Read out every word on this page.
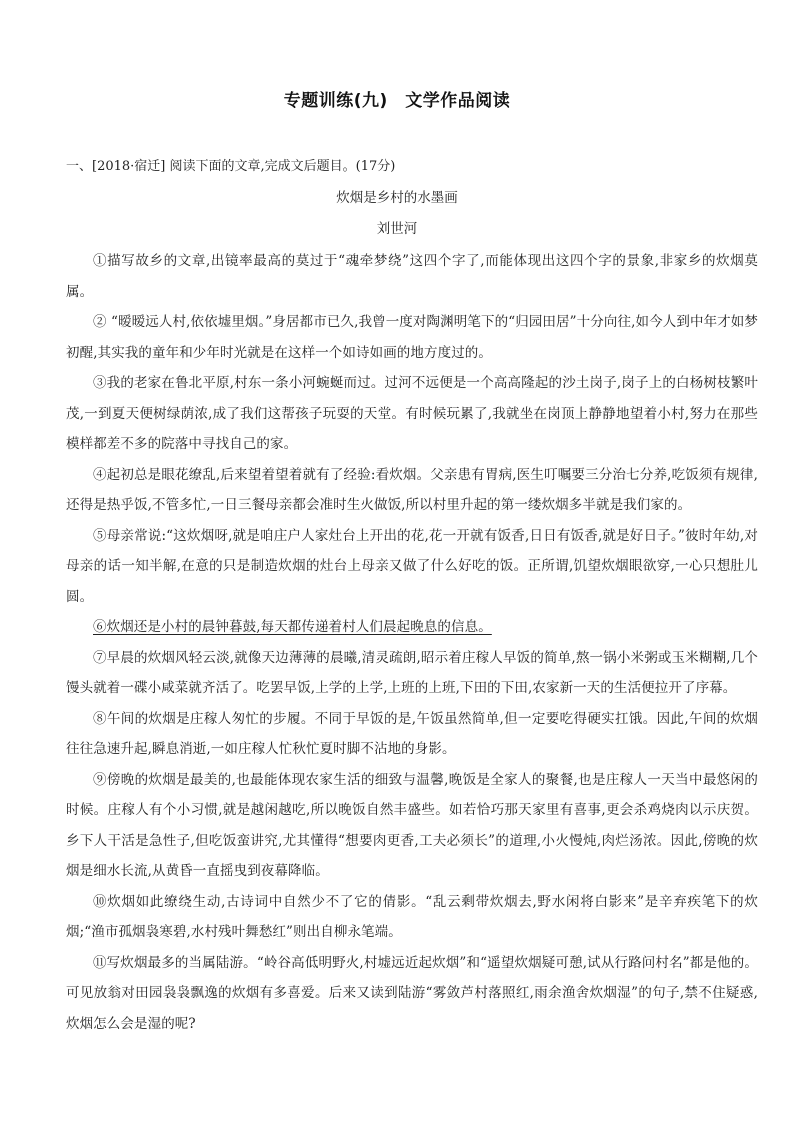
专题训练(九)　文学作品阅读
一、[2018·宿迁] 阅读下面的文章,完成文后题目。(17分)
炊烟是乡村的水墨画
刘世河

①描写故乡的文章,出镜率最高的莫过于“魂牵梦绕”这四个字了,而能体现出这四个字的景象,非家乡的炊烟莫属。

② “暧暧远人村,依依墟里烟。”身居都市已久,我曾一度对陶渊明笔下的“归园田居”十分向往,如今人到中年才如梦初醒,其实我的童年和少年时光就是在这样一个如诗如画的地方度过的。

③我的老家在鲁北平原,村东一条小河蜿蜒而过。过河不远便是一个高高隆起的沙土岗子,岗子上的白杨树枝繁叶茂,一到夏天便树绿荫浓,成了我们这帮孩子玩耍的天堂。有时候玩累了,我就坐在岗顶上静静地望着小村,努力在那些模样都差不多的院落中寻找自己的家。

④起初总是眼花缭乱,后来望着望着就有了经验:看炊烟。父亲患有胃病,医生叮嘱要三分治七分养,吃饭须有规律,还得是热乎饭,不管多忙,一日三餐母亲都会准时生火做饭,所以村里升起的第一缕炊烟多半就是我们家的。

⑤母亲常说:“这炊烟呀,就是咱庄户人家灶台上开出的花,花一开就有饭香,日日有饭香,就是好日子。”彼时年幼,对母亲的话一知半解,在意的只是制造炊烟的灶台上母亲又做了什么好吃的饭。正所谓,饥望炊烟眼欲穿,一心只想肚儿圆。

⑥炊烟还是小村的晨钟暮鼓,每天都传递着村人们晨起晚息的信息。

⑦早晨的炊烟风轻云淡,就像天边薄薄的晨曦,清灵疏朗,昭示着庄稼人早饭的简单,熬一锅小米粥或玉米糊糊,几个馒头就着一碟小咸菜就齐活了。吃罢早饭,上学的上学,上班的上班,下田的下田,农家新一天的生活便拉开了序幕。

⑧午间的炊烟是庄稼人匆忙的步履。不同于早饭的是,午饭虽然简单,但一定要吃得硬实扛饿。因此,午间的炊烟往往急速升起,瞬息消逝,一如庄稼人忙秋忙夏时脚不沾地的身影。

⑨傍晚的炊烟是最美的,也最能体现农家生活的细致与温馨,晚饭是全家人的聚餐,也是庄稼人一天当中最悠闲的时候。庄稼人有个小习惯,就是越闲越吃,所以晚饭自然丰盛些。如若恰巧那天家里有喜事,更会杀鸡烧肉以示庆贺。乡下人干活是急性子,但吃饭蛮讲究,尤其懂得“想要肉更香,工夫必须长”的道理,小火慢炖,肉烂汤浓。因此,傍晚的炊烟是细水长流,从黄昏一直摇曳到夜幕降临。

⑩炊烟如此缭绕生动,古诗词中自然少不了它的倩影。“乱云剩带炊烟去,野水闲将白影来”是辛弃疾笔下的炊烟;“渔市孤烟袅寒碧,水村残叶舞愁红”则出自柳永笔端。

⑪写炊烟最多的当属陆游。“岭谷高低明野火,村墟远近起炊烟”和“遥望炊烟疑可憩,试从行路问村名”都是他的。可见放翁对田园袅袅飘逸的炊烟有多喜爱。后来又读到陆游“雾敛芦村落照红,雨余渔舍炊烟湿”的句子,禁不住疑惑,炊烟怎么会是湿的呢?
